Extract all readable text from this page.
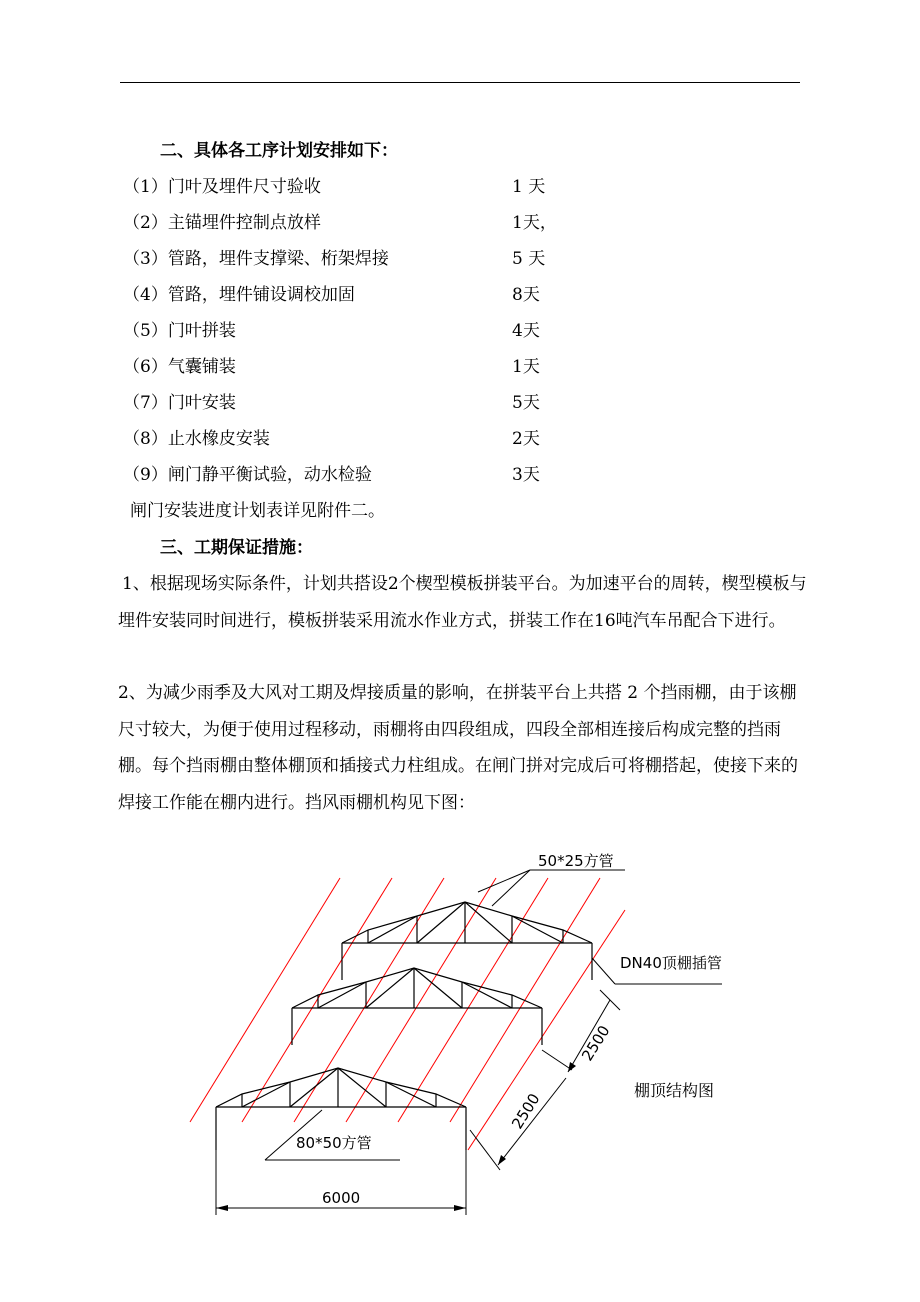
二、具体各工序计划安排如下：
（1）门叶及埋件尺寸验收	1 天
（2）主锚埋件控制点放样	1天，
（3）管路，埋件支撑梁、桁架焊接	5 天
（4）管路，埋件铺设调校加固	8天
（5）门叶拼装	4天
（6）气囊铺装	1天
（7）门叶安装	5天
（8）止水橡皮安装	2天
（9）闸门静平衡试验，动水检验	3天
闸门安装进度计划表详见附件二。
三、工期保证措施：
1、根据现场实际条件，计划共搭设2个楔型模板拼装平台。为加速平台的周转，楔型模板与埋件安装同时间进行，模板拼装采用流水作业方式，拼装工作在16吨汽车吊配合下进行。
2、为减少雨季及大风对工期及焊接质量的影响，在拼装平台上共搭 2 个挡雨棚，由于该棚尺寸较大，为便于使用过程移动，雨棚将由四段组成，四段全部相连接后构成完整的挡雨棚。每个挡雨棚由整体棚顶和插接式力柱组成。在闸门拼对完成后可将棚搭起，使接下来的焊接工作能在棚内进行。挡风雨棚机构见下图：
50*25方管
DN40顶棚插管
80*50方管
2500
2500
6000
棚顶结构图
